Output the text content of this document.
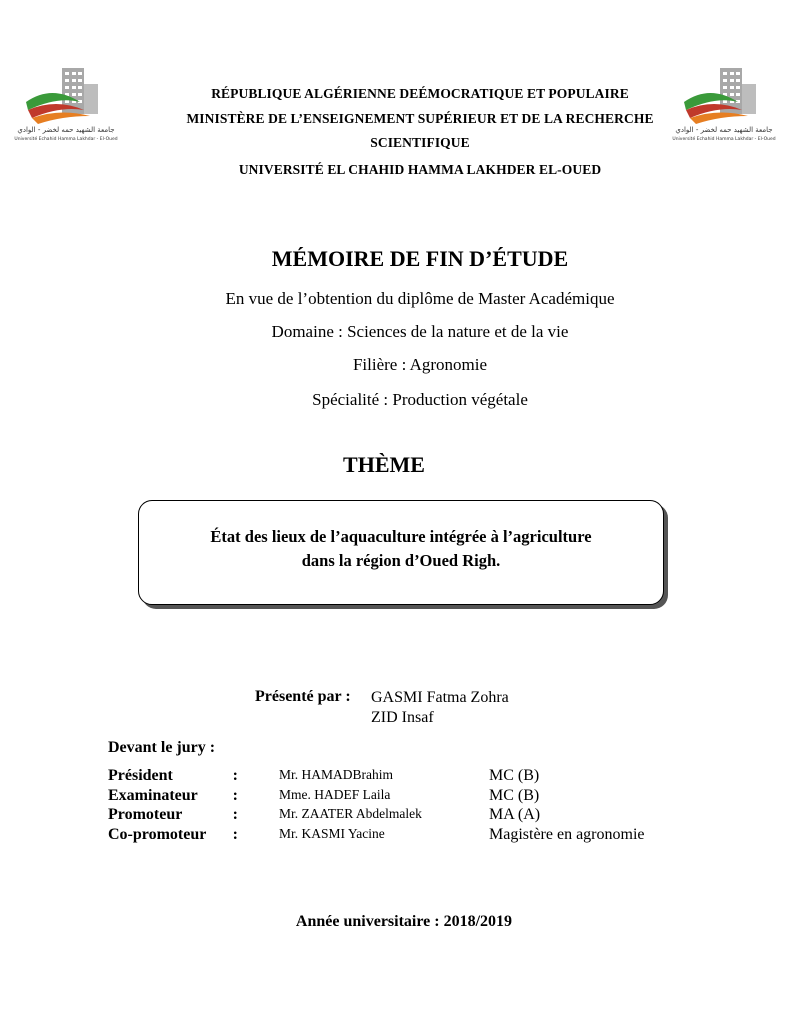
جامعة الشهيد حمه لخضر - الوادي
Université Echahid Hamma Lakhdar - El-Oued
جامعة الشهيد حمه لخضر - الوادي
Université Echahid Hamma Lakhdar - El-Oued
RÉPUBLIQUE ALGÉRIENNE DEÉMOCRATIQUE ET POPULAIRE
MINISTÈRE DE L’ENSEIGNEMENT SUPÉRIEUR ET DE LA RECHERCHE
SCIENTIFIQUE
UNIVERSITÉ EL CHAHID HAMMA LAKHDER EL-OUED
MÉMOIRE DE FIN D’ÉTUDE
En vue de l’obtention du diplôme de Master Académique
Domaine : Sciences de la nature et de la vie
Filière : Agronomie
Spécialité : Production végétale
THÈME
État des lieux de l’aquaculture intégrée à l’agriculture
dans la région d’Oued Righ.
Présenté par : GASMI Fatma Zohra
ZID Insaf
Devant le jury :
Président	:	Mr. HAMADBrahim	MC (B)
Examinateur :	Mme. HADEF Laila	MC (B)
Promoteur	:	Mr. ZAATER Abdelmalek	MA (A)
Co-promoteur :	Mr. KASMI Yacine	Magistère en agronomie
Année universitaire : 2018/2019
